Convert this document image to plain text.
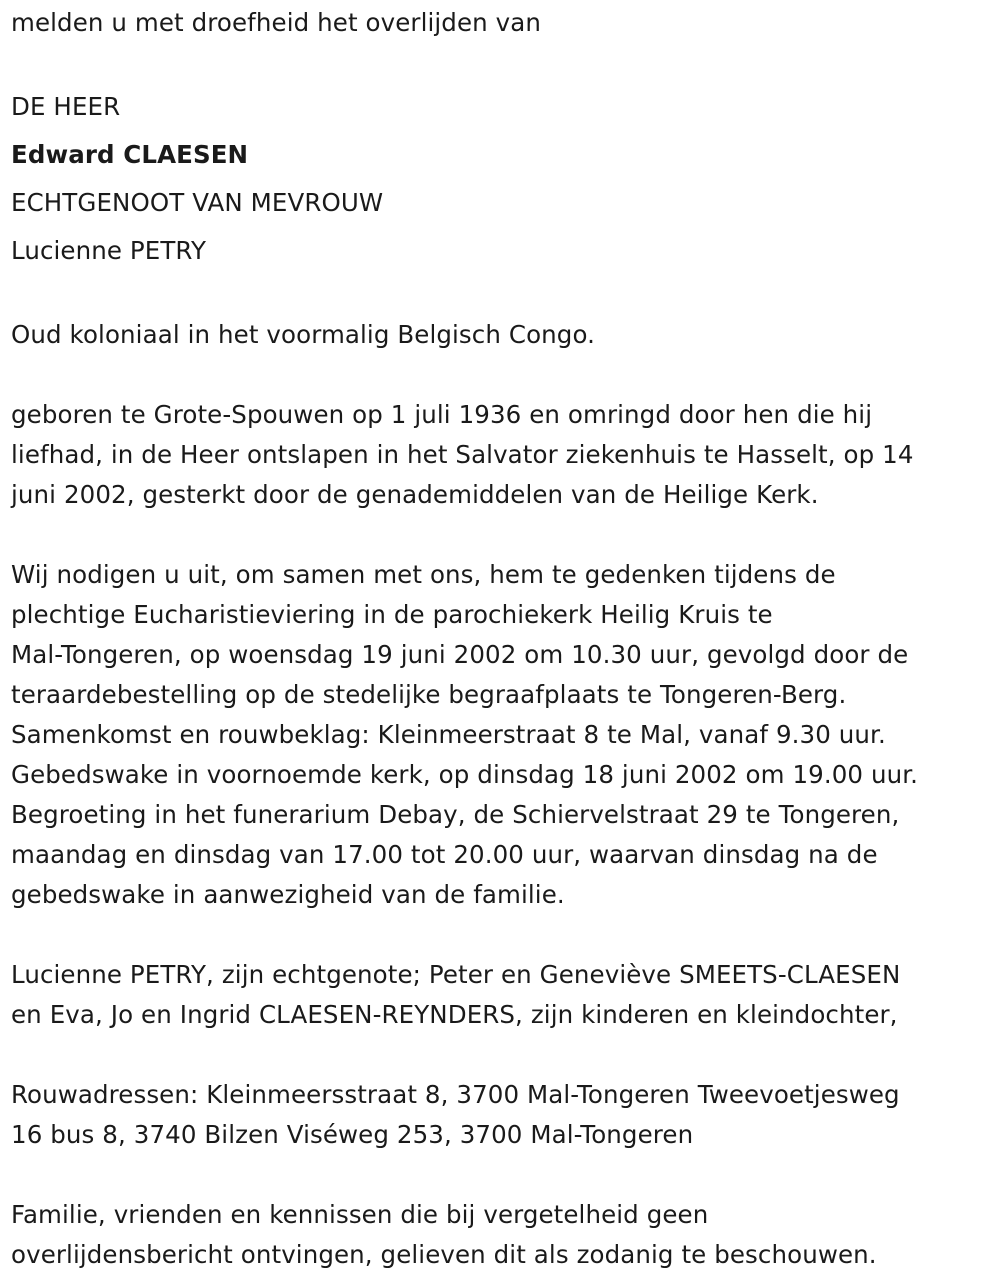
melden u met droefheid het overlijden van

DE HEER

Edward CLAESEN

ECHTGENOOT VAN MEVROUW

Lucienne PETRY

Oud koloniaal in het voormalig Belgisch Congo.

geboren te Grote-Spouwen op 1 juli 1936 en omringd door hen die hij
liefhad, in de Heer ontslapen in het Salvator ziekenhuis te Hasselt, op 14
juni 2002, gesterkt door de genademiddelen van de Heilige Kerk.
Wij nodigen u uit, om samen met ons, hem te gedenken tijdens de
plechtige Eucharistieviering in de parochiekerk Heilig Kruis te
Mal-Tongeren, op woensdag 19 juni 2002 om 10.30 uur, gevolgd door de
teraardebestelling op de stedelijke begraafplaats te Tongeren-Berg.
Samenkomst en rouwbeklag: Kleinmeerstraat 8 te Mal, vanaf 9.30 uur.
Gebedswake in voornoemde kerk, op dinsdag 18 juni 2002 om 19.00 uur.
Begroeting in het funerarium Debay, de Schiervelstraat 29 te Tongeren,
maandag en dinsdag van 17.00 tot 20.00 uur, waarvan dinsdag na de
gebedswake in aanwezigheid van de familie.
Lucienne PETRY, zijn echtgenote; Peter en Geneviève SMEETS-CLAESEN
en Eva, Jo en Ingrid CLAESEN-REYNDERS, zijn kinderen en kleindochter,
Rouwadressen: Kleinmeersstraat 8, 3700 Mal-Tongeren Tweevoetjesweg
16 bus 8, 3740 Bilzen Viséweg 253, 3700 Mal-Tongeren
Familie, vrienden en kennissen die bij vergetelheid geen
overlijdensbericht ontvingen, gelieven dit als zodanig te beschouwen.
